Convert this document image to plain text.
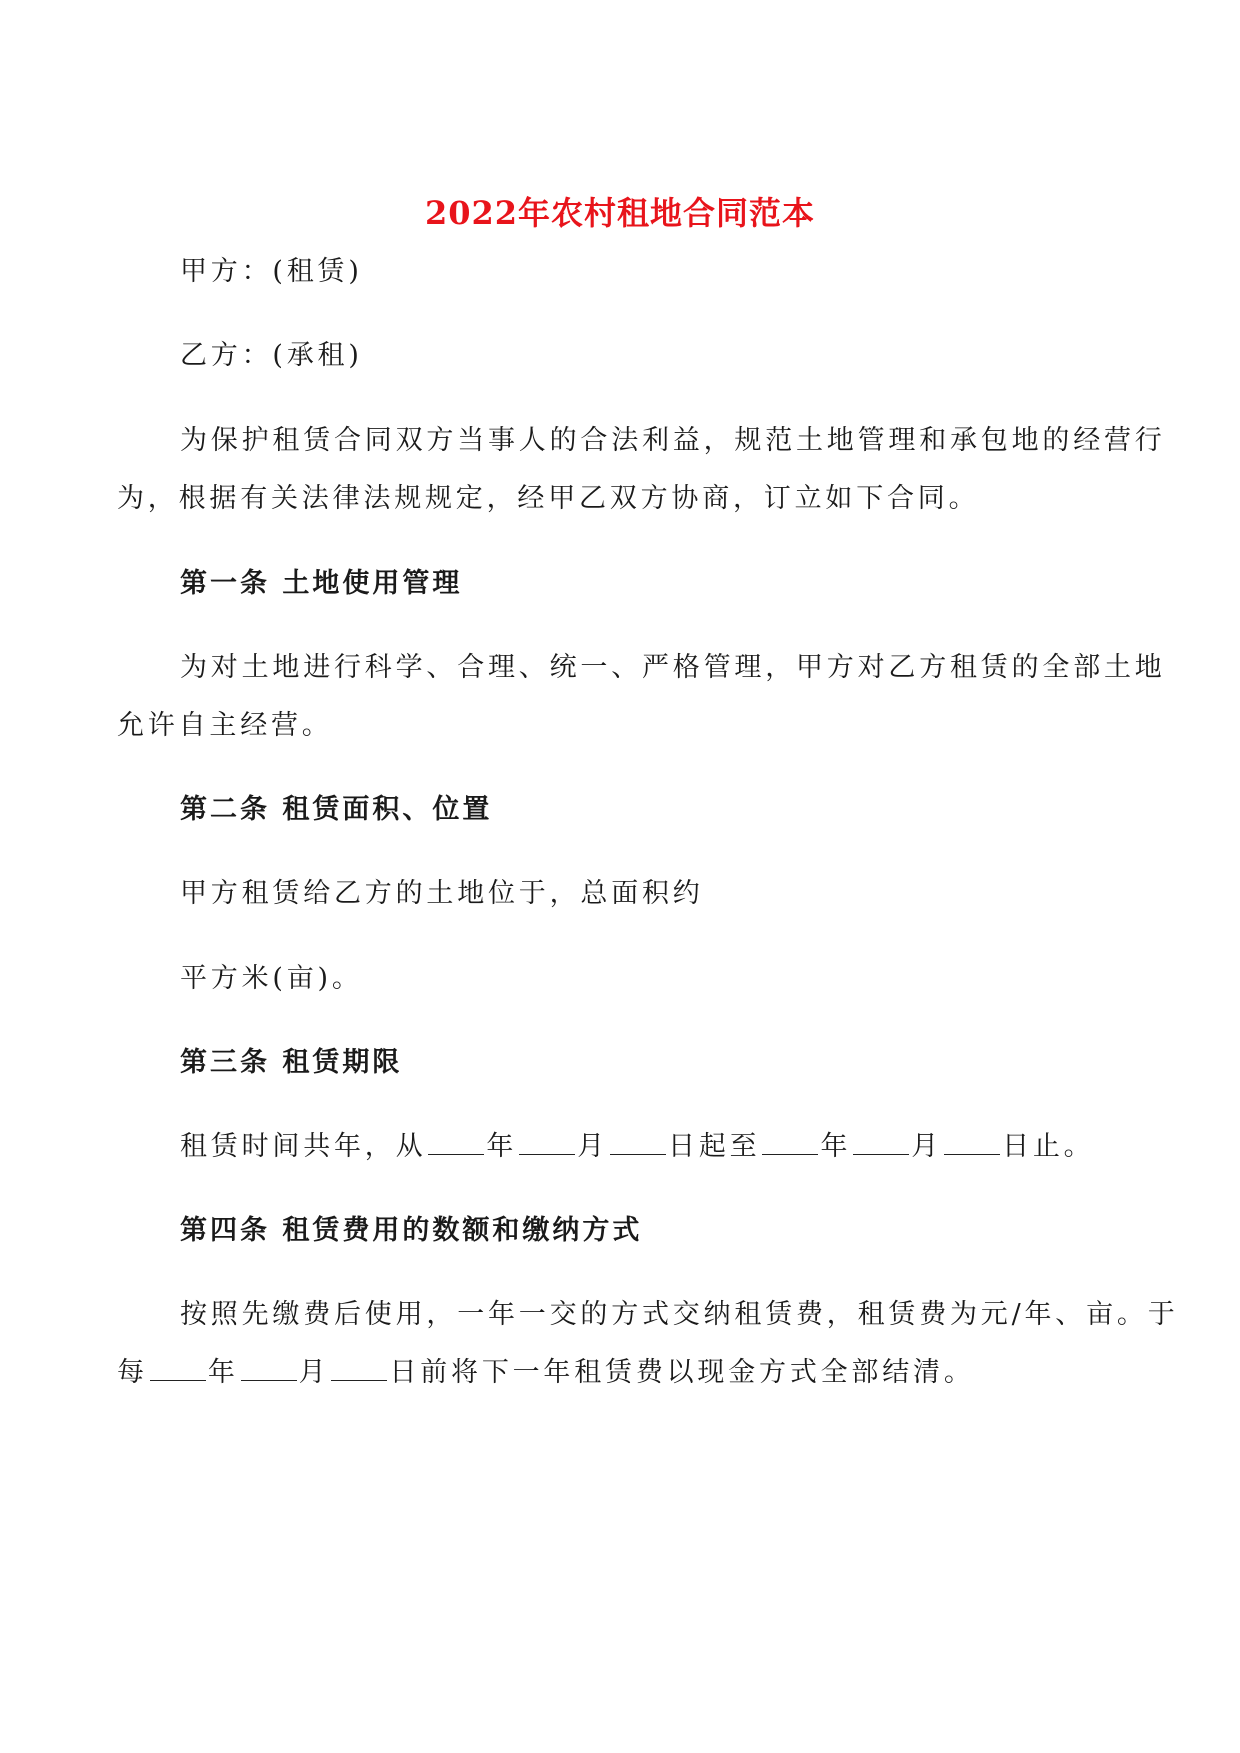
2022年农村租地合同范本
甲方：(租赁)
乙方：(承租)
为保护租赁合同双方当事人的合法利益，规范土地管理和承包地的经营行
为，根据有关法律法规规定，经甲乙双方协商，订立如下合同。
第一条 土地使用管理
为对土地进行科学、合理、统一、严格管理，甲方对乙方租赁的全部土地
允许自主经营。
第二条 租赁面积、位置
甲方租赁给乙方的土地位于，总面积约
平方米(亩)。
第三条 租赁期限
租赁时间共年，从 年 月 日起至 年 月 日止。
第四条 租赁费用的数额和缴纳方式
按照先缴费后使用，一年一交的方式交纳租赁费，租赁费为元/年、亩。于
每 年 月 日前将下一年租赁费以现金方式全部结清。
